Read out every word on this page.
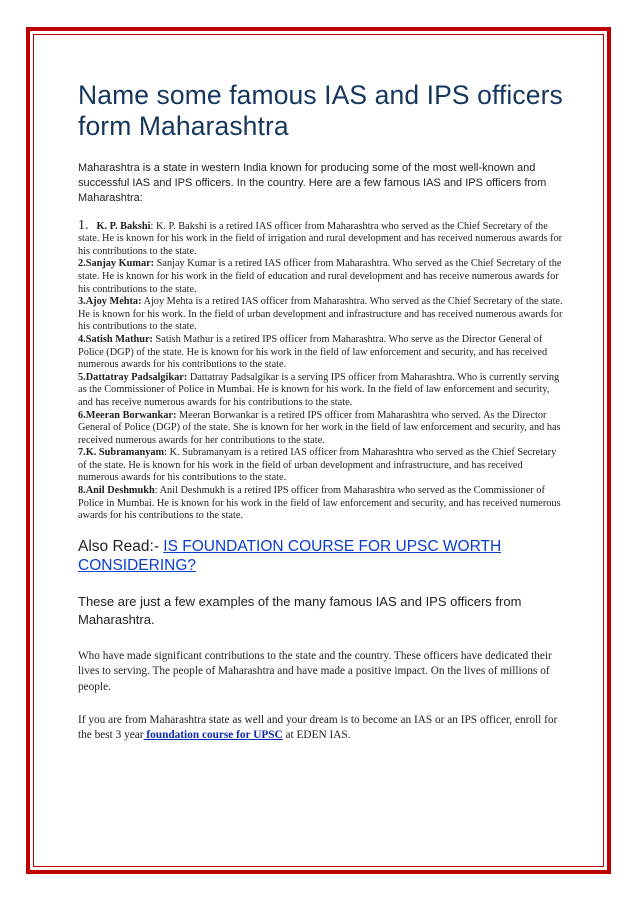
Name some famous IAS and IPS officers form Maharashtra

Maharashtra is a state in western India known for producing some of the most well-known and successful IAS and IPS officers. In the country. Here are a few famous IAS and IPS officers from Maharashtra:

1. K. P. Bakshi: K. P. Bakshi is a retired IAS officer from Maharashtra who served as the Chief Secretary of the state. He is known for his work in the field of irrigation and rural development and has received numerous awards for his contributions to the state.
2.Sanjay Kumar: Sanjay Kumar is a retired IAS officer from Maharashtra. Who served as the Chief Secretary of the state. He is known for his work in the field of education and rural development and has receive numerous awards for his contributions to the state.
3.Ajoy Mehta: Ajoy Mehta is a retired IAS officer from Maharashtra. Who served as the Chief Secretary of the state. He is known for his work. In the field of urban development and infrastructure and has received numerous awards for his contributions to the state.
4.Satish Mathur: Satish Mathur is a retired IPS officer from Maharashtra. Who serve as the Director General of Police (DGP) of the state. He is known for his work in the field of law enforcement and security, and has received numerous awards for his contributions to the state.
5.Dattatray Padsalgikar: Dattatray Padsalgikar is a serving IPS officer from Maharashtra. Who is currently serving as the Commissioner of Police in Mumbai. He is known for his work. In the field of law enforcement and security, and has receive numerous awards for his contributions to the state.
6.Meeran Borwankar: Meeran Borwankar is a retired IPS officer from Maharashtra who served. As the Director General of Police (DGP) of the state. She is known for her work in the field of law enforcement and security, and has received numerous awards for her contributions to the state.
7.K. Subramanyam: K. Subramanyam is a retired IAS officer from Maharashtra who served as the Chief Secretary of the state. He is known for his work in the field of urban development and infrastructure, and has received numerous awards for his contributions to the state.
8.Anil Deshmukh: Anil Deshmukh is a retired IPS officer from Maharashtra who served as the Commissioner of Police in Mumbai. He is known for his work in the field of law enforcement and security, and has received numerous awards for his contributions to the state.

Also Read:- IS FOUNDATION COURSE FOR UPSC WORTH CONSIDERING?

These are just a few examples of the many famous IAS and IPS officers from Maharashtra.

Who have made significant contributions to the state and the country. These officers have dedicated their lives to serving. The people of Maharashtra and have made a positive impact. On the lives of millions of people.

If you are from Maharashtra state as well and your dream is to become an IAS or an IPS officer, enroll for the best 3 year foundation course for UPSC at EDEN IAS.
